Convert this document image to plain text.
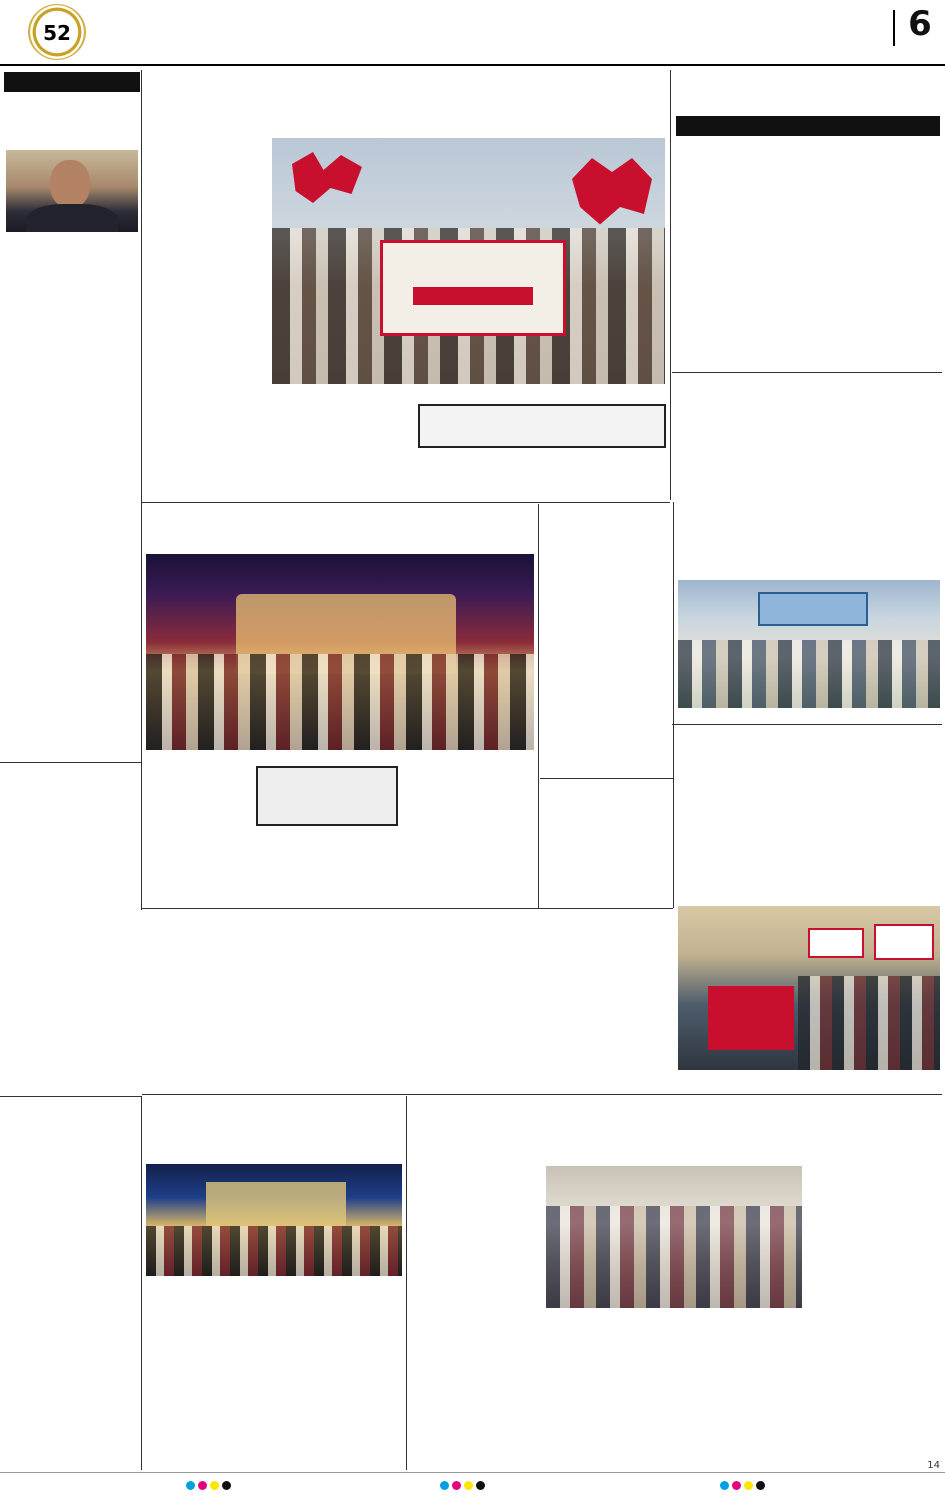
52	6
14
